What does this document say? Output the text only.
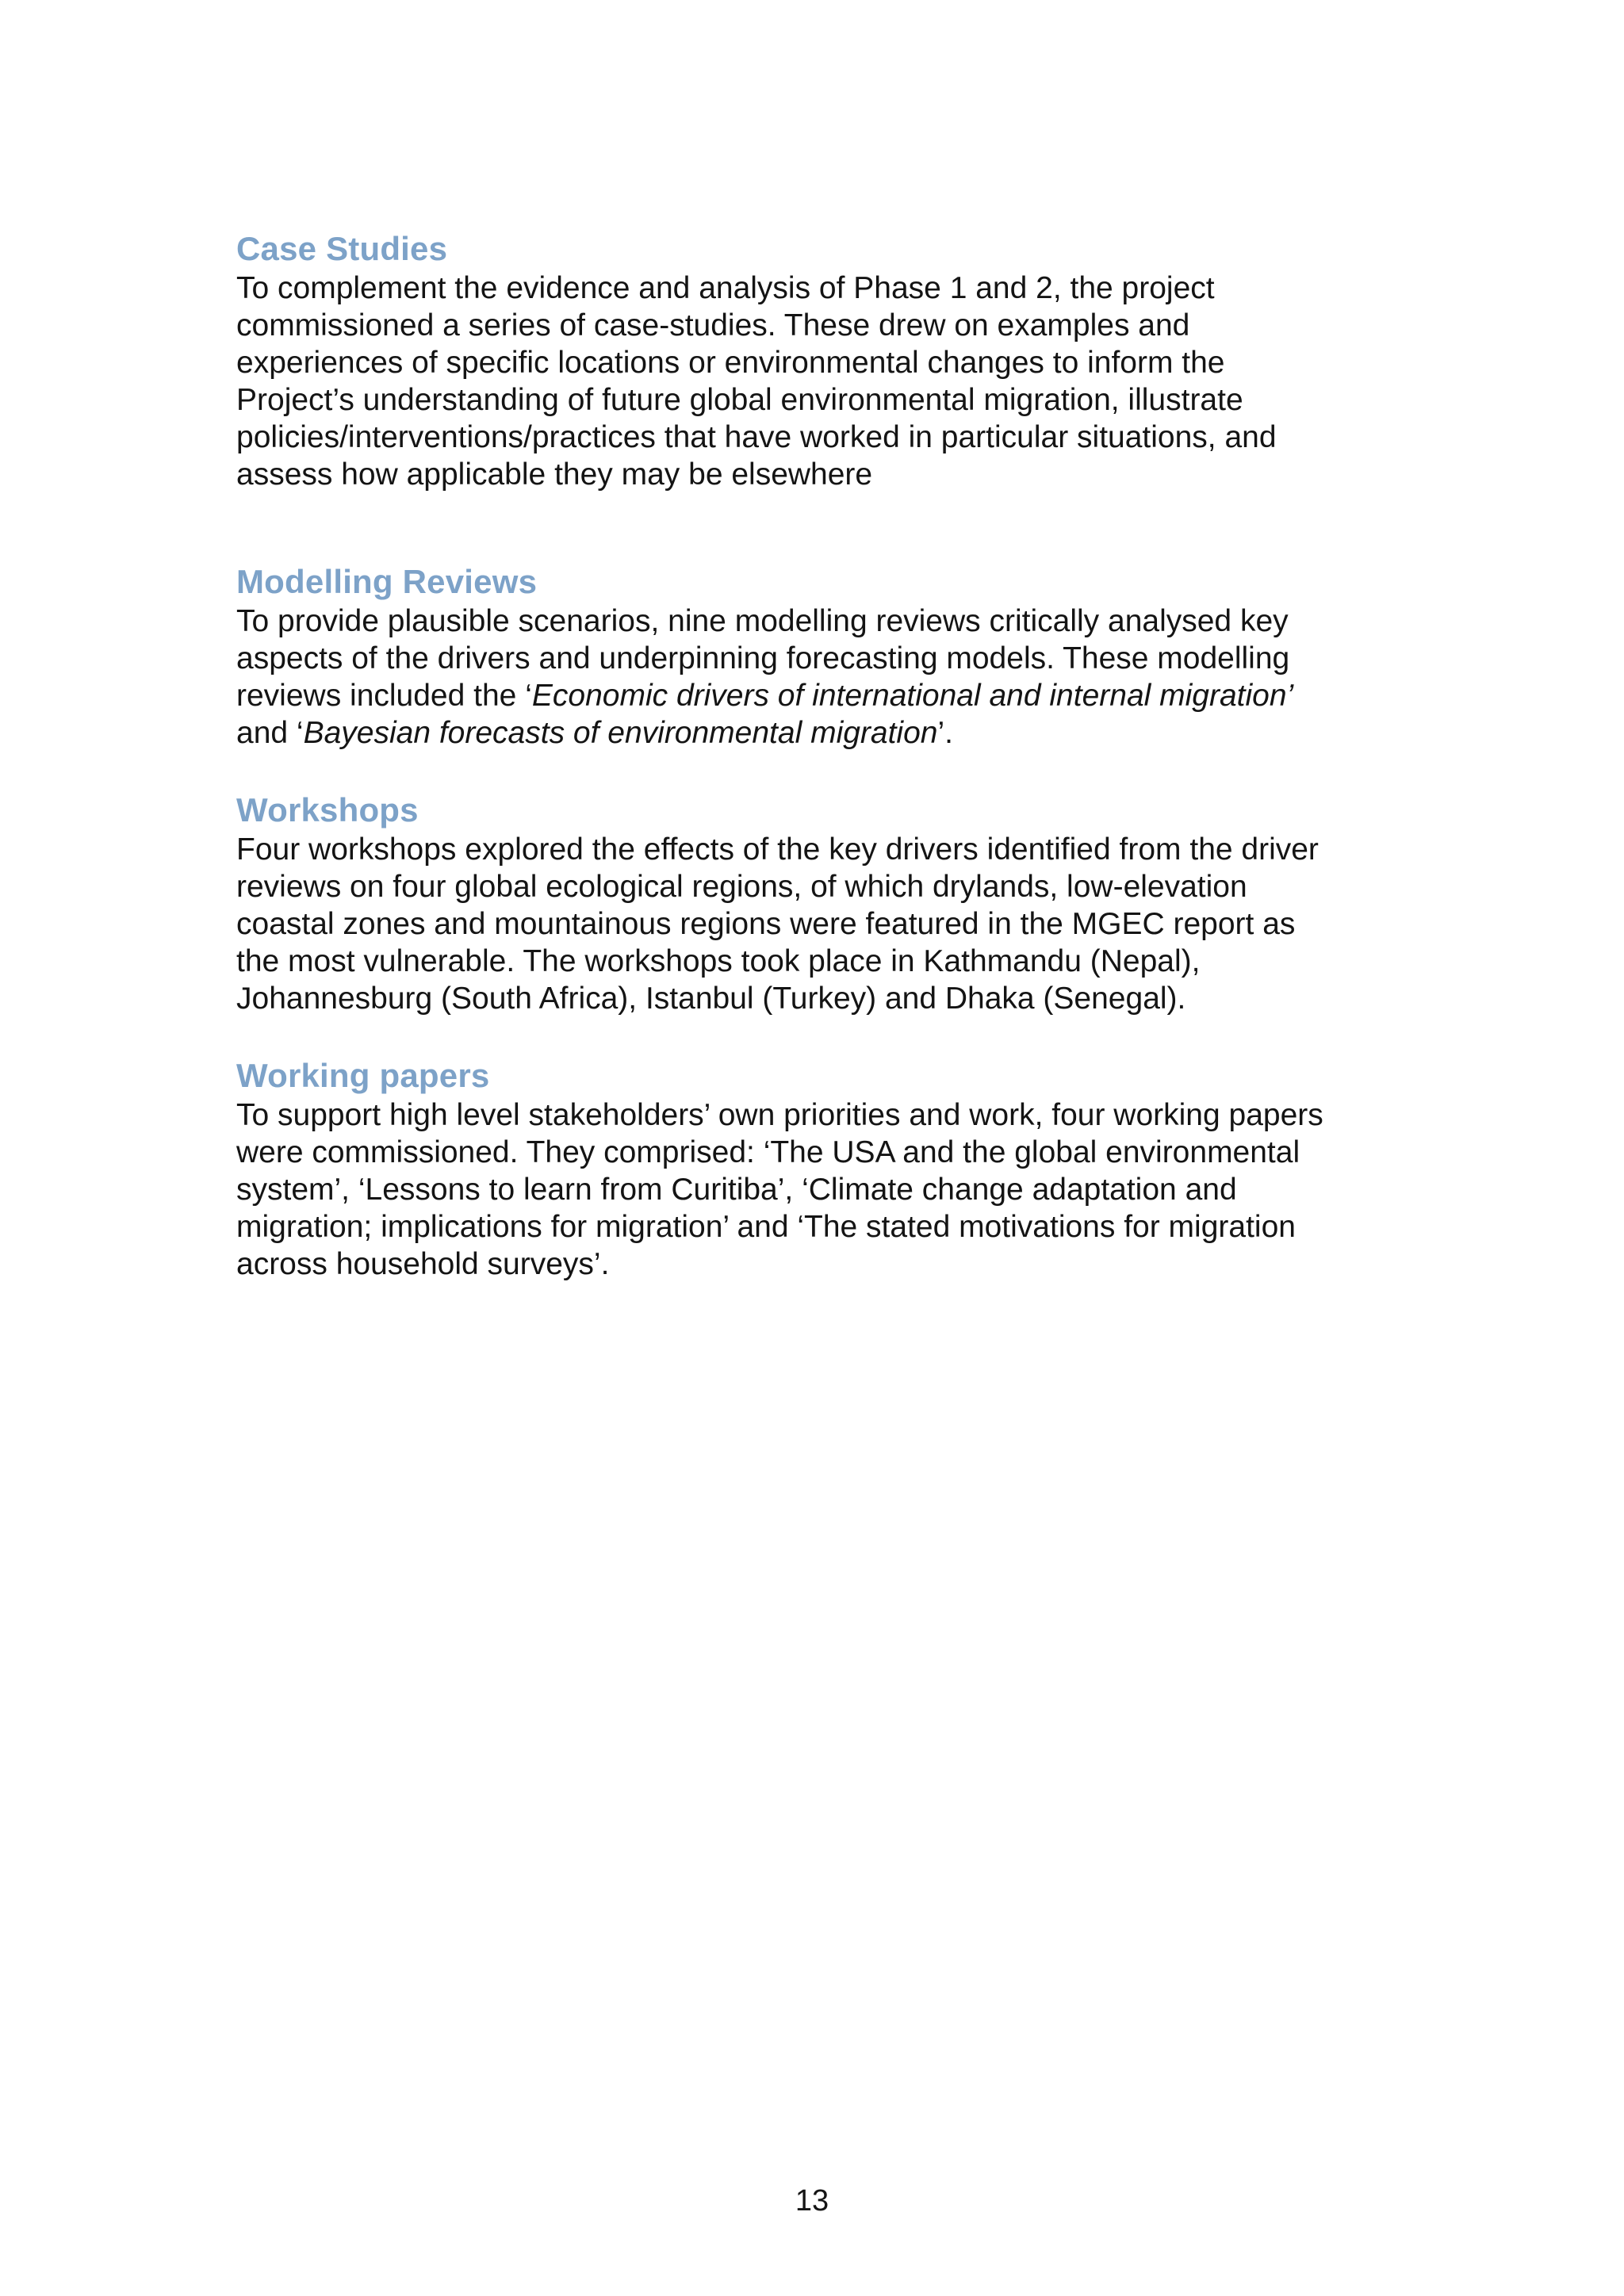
Case Studies

To complement the evidence and analysis of Phase 1 and 2, the project
commissioned a series of case-studies. These drew on examples and
experiences of specific locations or environmental changes to inform the
Project’s understanding of future global environmental migration, illustrate
policies/interventions/practices that have worked in particular situations, and
assess how applicable they may be elsewhere

Modelling Reviews

To provide plausible scenarios, nine modelling reviews critically analysed key
aspects of the drivers and underpinning forecasting models. These modelling
reviews included the ‘Economic drivers of international and internal migration’
and ‘Bayesian forecasts of environmental migration’.

Workshops

Four workshops explored the effects of the key drivers identified from the driver
reviews on four global ecological regions, of which drylands, low-elevation
coastal zones and mountainous regions were featured in the MGEC report as
the most vulnerable. The workshops took place in Kathmandu (Nepal),
Johannesburg (South Africa), Istanbul (Turkey) and Dhaka (Senegal).

Working papers

To support high level stakeholders’ own priorities and work, four working papers
were commissioned. They comprised: ‘The USA and the global environmental
system’, ‘Lessons to learn from Curitiba’, ‘Climate change adaptation and
migration; implications for migration’ and ‘The stated motivations for migration
across household surveys’.

13
